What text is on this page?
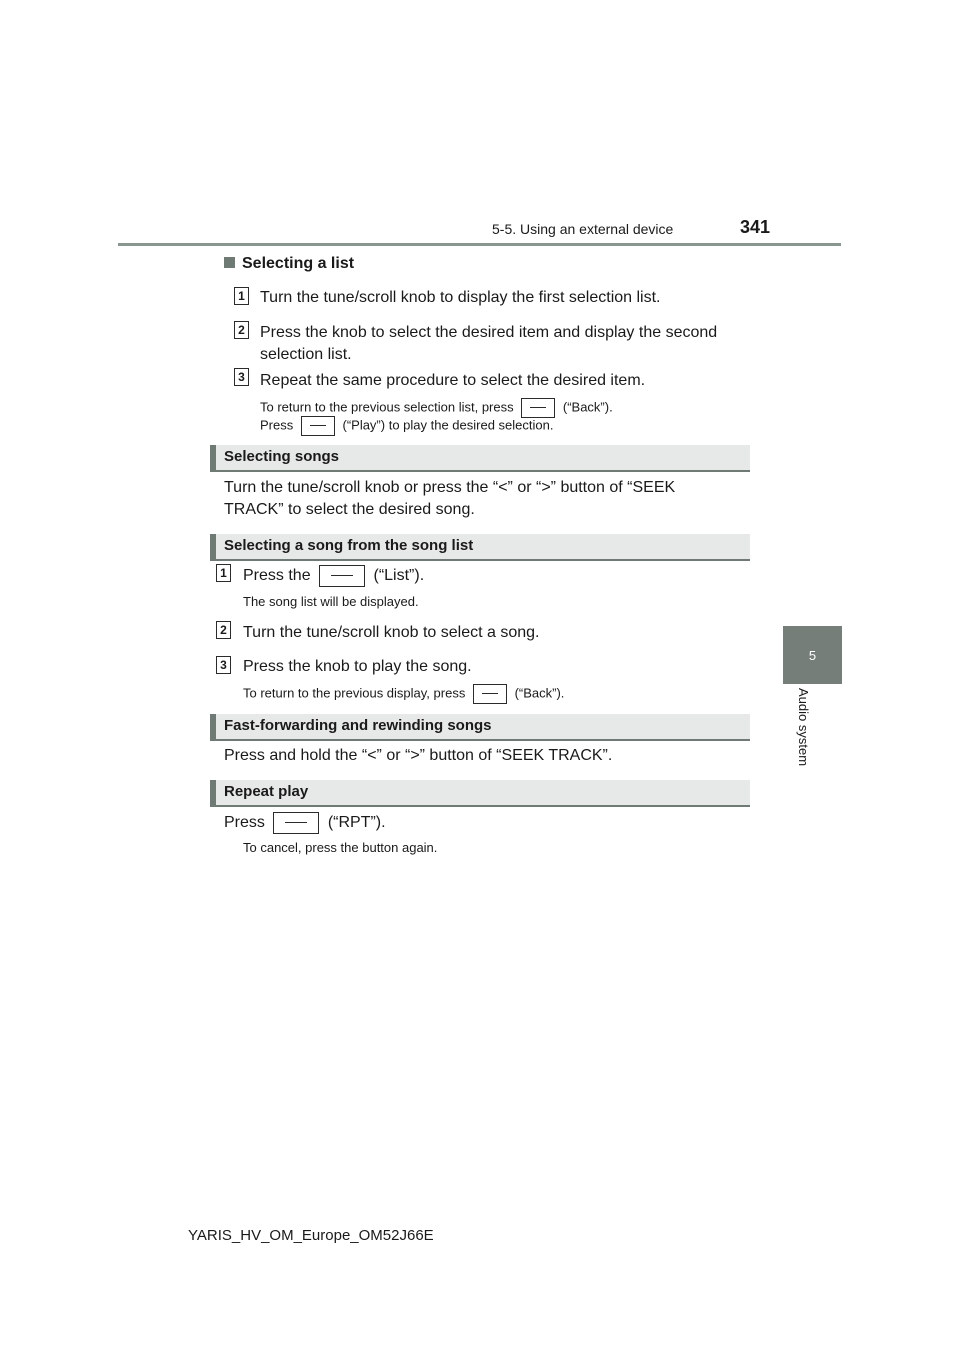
5-5. Using an external device	341
5
Audio system
Selecting a list
1 Turn the tune/scroll knob to display the first selection list.
2 Press the knob to select the desired item and display the second
selection list.
3 Repeat the same procedure to select the desired item.
To return to the previous selection list, press	(“Back”).
Press	(“Play”) to play the desired selection.
Selecting songs
Turn the tune/scroll knob or press the “<” or “>” button of “SEEK
TRACK” to select the desired song.
Selecting a song from the song list
1 Press the	(“List”).
The song list will be displayed.
2 Turn the tune/scroll knob to select a song.
3 Press the knob to play the song.
To return to the previous display, press	(“Back”).
Fast-forwarding and rewinding songs
Press and hold the “<” or “>” button of “SEEK TRACK”.
Repeat play
Press	(“RPT”).
To cancel, press the button again.
YARIS_HV_OM_Europe_OM52J66E
